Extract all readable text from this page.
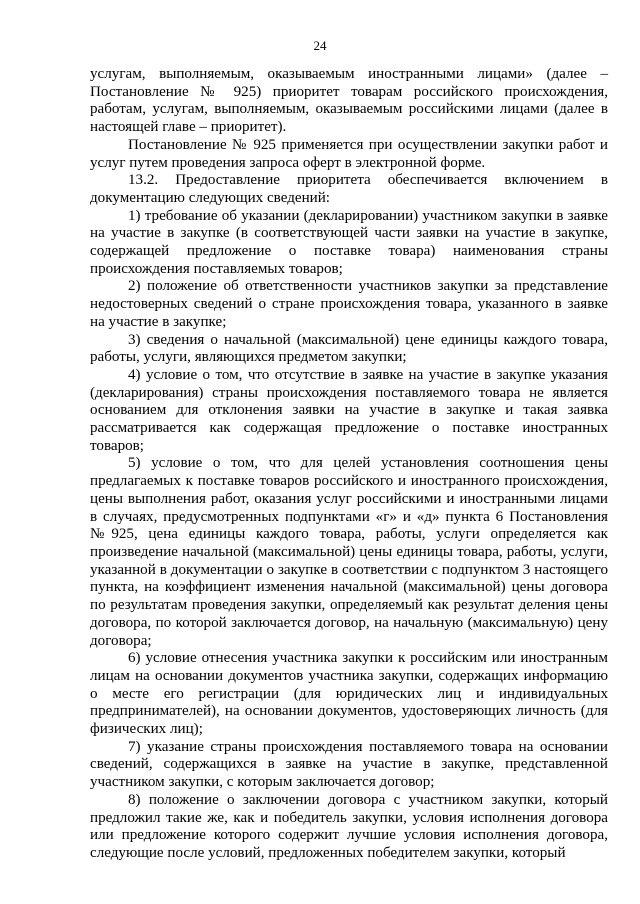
24

услугам, выполняемым, оказываемым иностранными лицами» (далее – Постановление № 925) приоритет товарам российского происхождения, работам, услугам, выполняемым, оказываемым российскими лицами (далее в настоящей главе – приоритет).

Постановление № 925 применяется при осуществлении закупки работ и услуг путем проведения запроса оферт в электронной форме.

13.2. Предоставление приоритета обеспечивается включением в документацию следующих сведений:

1) требование об указании (декларировании) участником закупки в заявке на участие в закупке (в соответствующей части заявки на участие в закупке, содержащей предложение о поставке товара) наименования страны происхождения поставляемых товаров;

2) положение об ответственности участников закупки за представление недостоверных сведений о стране происхождения товара, указанного в заявке на участие в закупке;

3) сведения о начальной (максимальной) цене единицы каждого товара, работы, услуги, являющихся предметом закупки;

4) условие о том, что отсутствие в заявке на участие в закупке указания (декларирования) страны происхождения поставляемого товара не является основанием для отклонения заявки на участие в закупке и такая заявка рассматривается как содержащая предложение о поставке иностранных товаров;

5) условие о том, что для целей установления соотношения цены предлагаемых к поставке товаров российского и иностранного происхождения, цены выполнения работ, оказания услуг российскими и иностранными лицами в случаях, предусмотренных подпунктами «г» и «д» пункта 6 Постановления №925, цена единицы каждого товара, работы, услуги определяется как произведение начальной (максимальной) цены единицы товара, работы, услуги, указанной в документации о закупке в соответствии с подпунктом 3 настоящего пункта, на коэффициент изменения начальной (максимальной) цены договора по результатам проведения закупки, определяемый как результат деления цены договора, по которой заключается договор, на начальную (максимальную) цену договора;

6) условие отнесения участника закупки к российским или иностранным лицам на основании документов участника закупки, содержащих информацию о месте его регистрации (для юридических лиц и индивидуальных предпринимателей), на основании документов, удостоверяющих личность (для физических лиц);

7) указание страны происхождения поставляемого товара на основании сведений, содержащихся в заявке на участие в закупке, представленной участником закупки, с которым заключается договор;

8) положение о заключении договора с участником закупки, который предложил такие же, как и победитель закупки, условия исполнения договора или предложение которого содержит лучшие условия исполнения договора, следующие после условий, предложенных победителем закупки, который
